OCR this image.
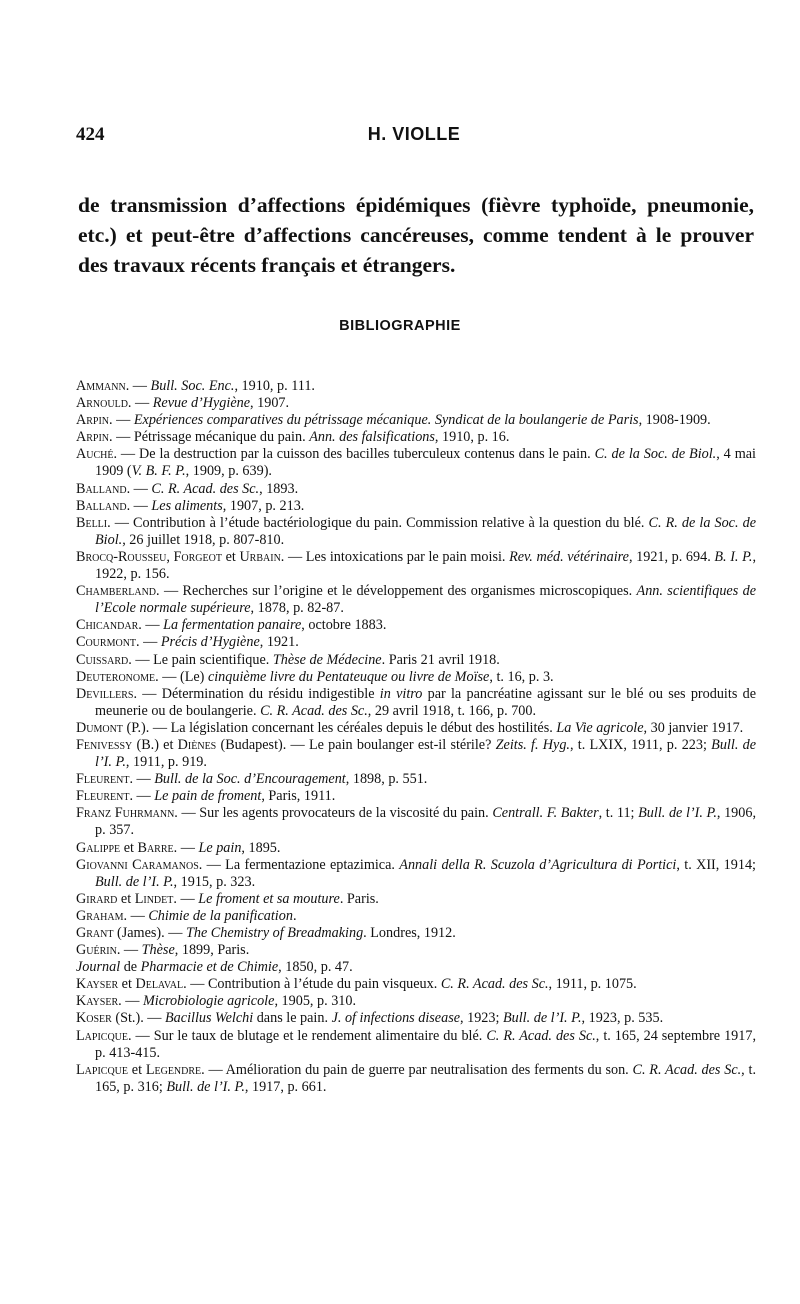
424	H. VIOLLE

de transmission d’affections épidémiques (fièvre typhoïde, pneumonie, etc.) et peut-être d’affections cancéreuses, comme tendent à le prouver des travaux récents français et étrangers.

BIBLIOGRAPHIE
Ammann. — Bull. Soc. Enc., 1910, p. 111.
Arnould. — Revue d’Hygiène, 1907.
Arpin. — Expériences comparatives du pétrissage mécanique. Syndicat de la boulangerie de Paris, 1908-1909.
Arpin. — Pétrissage mécanique du pain. Ann. des falsifications, 1910, p. 16.
Auché. — De la destruction par la cuisson des bacilles tuberculeux contenus dans le pain. C. de la Soc. de Biol., 4 mai 1909 (V. B. F. P., 1909, p. 639).
Balland. — C. R. Acad. des Sc., 1893.
Balland. — Les aliments, 1907, p. 213.
Belli. — Contribution à l’étude bactériologique du pain. Commission relative à la question du blé. C. R. de la Soc. de Biol., 26 juillet 1918, p. 807-810.
Brocq-Rousseu, Forgeot et Urbain. — Les intoxications par le pain moisi. Rev. méd. vétérinaire, 1921, p. 694. B. I. P., 1922, p. 156.
Chamberland. — Recherches sur l’origine et le développement des organismes microscopiques. Ann. scientifiques de l’Ecole normale supérieure, 1878, p. 82-87.
Chicandar. — La fermentation panaire, octobre 1883.
Courmont. — Précis d’Hygiène, 1921.
Cuissard. — Le pain scientifique. Thèse de Médecine. Paris 21 avril 1918.
Deuteronome. — (Le) cinquième livre du Pentateuque ou livre de Moïse, t. 16, p. 3.
Devillers. — Détermination du résidu indigestible in vitro par la pancréatine agissant sur le blé ou ses produits de meunerie ou de boulangerie. C. R. Acad. des Sc., 29 avril 1918, t. 166, p. 700.
Dumont (P.). — La législation concernant les céréales depuis le début des hostilités. La Vie agricole, 30 janvier 1917.
Fenivessy (B.) et Diènes (Budapest). — Le pain boulanger est-il stérile? Zeits. f. Hyg., t. LXIX, 1911, p. 223; Bull. de l’I. P., 1911, p. 919.
Fleurent. — Bull. de la Soc. d’Encouragement, 1898, p. 551.
Fleurent. — Le pain de froment, Paris, 1911.
Franz Fuhrmann. — Sur les agents provocateurs de la viscosité du pain. Centrall. F. Bakter, t. 11; Bull. de l’I. P., 1906, p. 357.
Galippe et Barre. — Le pain, 1895.
Giovanni Caramanos. — La fermentazione eptazimica. Annali della R. Scuzola d’Agricultura di Portici, t. XII, 1914; Bull. de l’I. P., 1915, p. 323.
Girard et Lindet. — Le froment et sa mouture. Paris.
Graham. — Chimie de la panification.
Grant (James). — The Chemistry of Breadmaking. Londres, 1912.
Guérin. — Thèse, 1899, Paris.
Journal de Pharmacie et de Chimie, 1850, p. 47.
Kayser et Delaval. — Contribution à l’étude du pain visqueux. C. R. Acad. des Sc., 1911, p. 1075.
Kayser. — Microbiologie agricole, 1905, p. 310.
Koser (St.). — Bacillus Welchi dans le pain. J. of infections disease, 1923; Bull. de l’I. P., 1923, p. 535.
Lapicque. — Sur le taux de blutage et le rendement alimentaire du blé. C. R. Acad. des Sc., t. 165, 24 septembre 1917, p. 413-415.
Lapicque et Legendre. — Amélioration du pain de guerre par neutralisation des ferments du son. C. R. Acad. des Sc., t. 165, p. 316; Bull. de l’I. P., 1917, p. 661.
